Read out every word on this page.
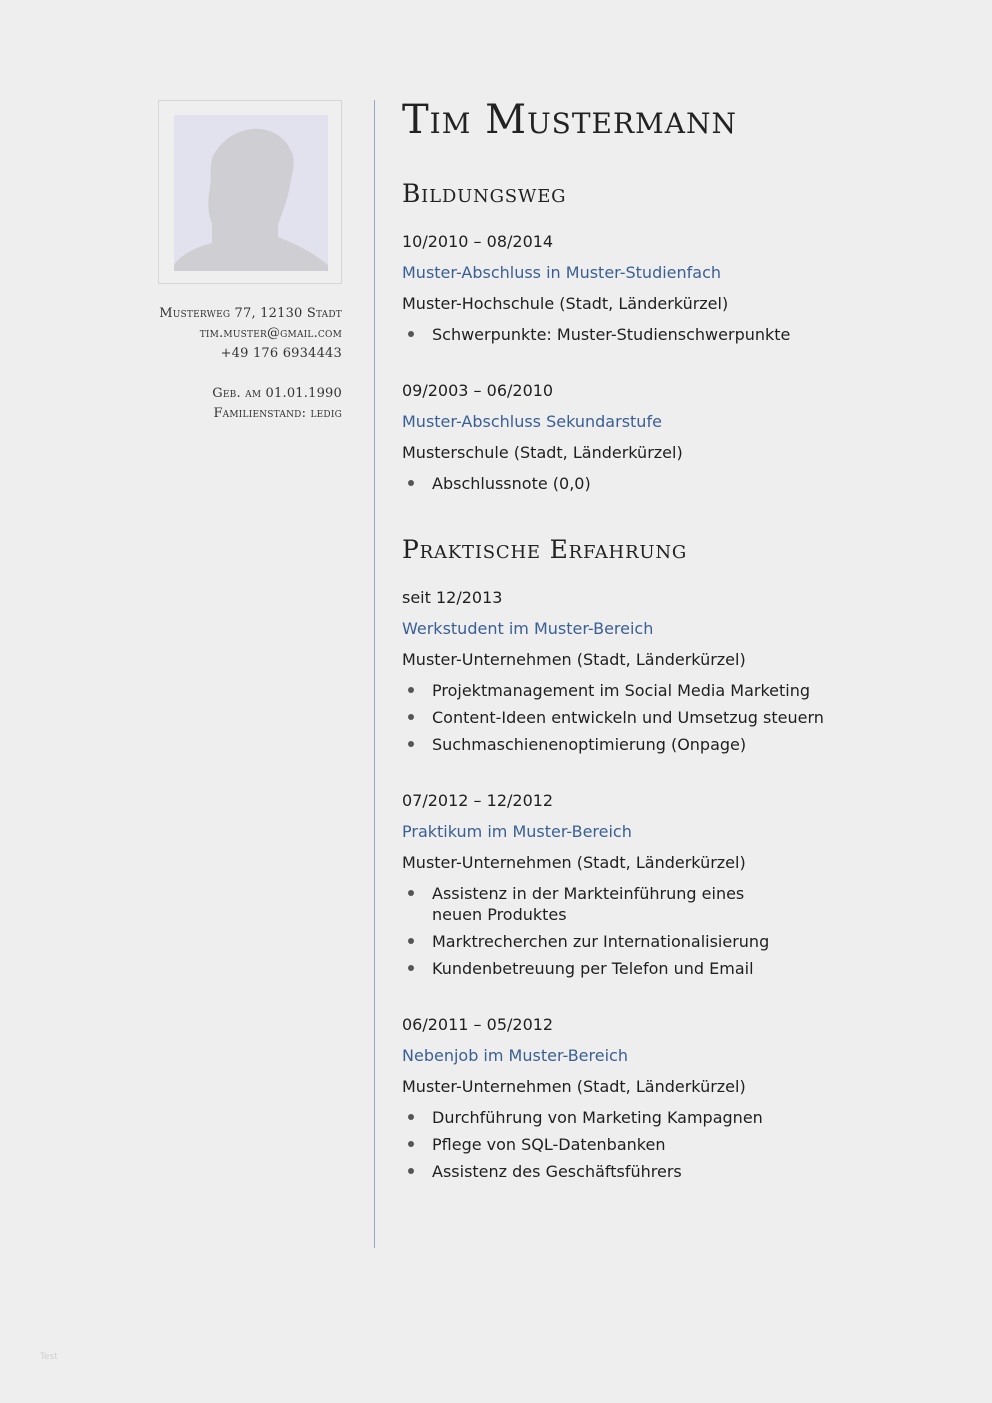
Musterweg 77, 12130 Stadt
tim.muster@gmail.com
+49 176 6934443
Geb. am 01.01.1990
Familienstand: ledig
Tim Mustermann
Bildungsweg
10/2010 – 08/2014
Muster-Abschluss in Muster-Studienfach
Muster-Hochschule (Stadt, Länderkürzel)
Schwerpunkte: Muster-Studienschwerpunkte
09/2003 – 06/2010
Muster-Abschluss Sekundarstufe
Musterschule (Stadt, Länderkürzel)
Abschlussnote (0,0)
Praktische Erfahrung
seit 12/2013
Werkstudent im Muster-Bereich
Muster-Unternehmen (Stadt, Länderkürzel)
Projektmanagement im Social Media Marketing
Content-Ideen entwickeln und Umsetzug steuern
Suchmaschienenoptimierung (Onpage)
07/2012 – 12/2012
Praktikum im Muster-Bereich
Muster-Unternehmen (Stadt, Länderkürzel)
Assistenz in der Markteinführung eines neuen Produktes
Marktrecherchen zur Internationalisierung
Kundenbetreuung per Telefon und Email
06/2011 – 05/2012
Nebenjob im Muster-Bereich
Muster-Unternehmen (Stadt, Länderkürzel)
Durchführung von Marketing Kampagnen
Pflege von SQL-Datenbanken
Assistenz des Geschäftsführers
Test
